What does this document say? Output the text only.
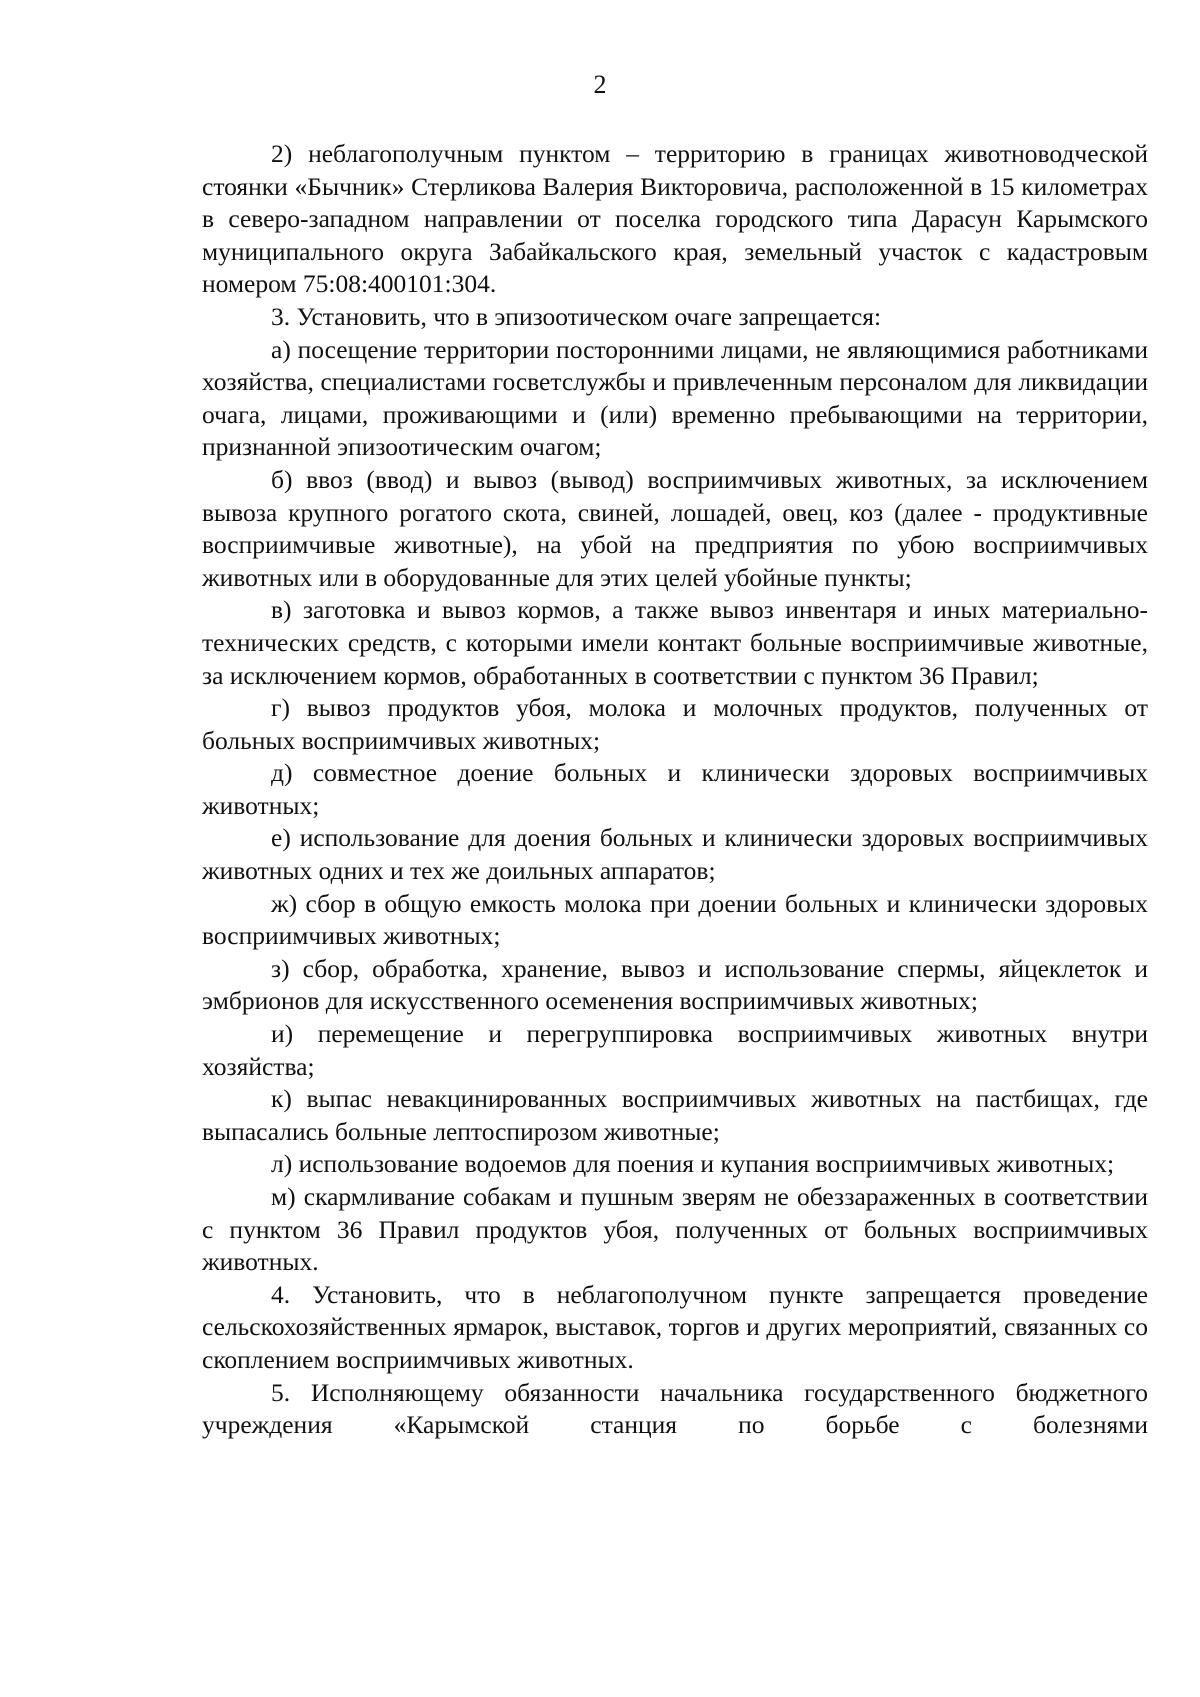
2

2) неблагополучным пунктом – территорию в границах животноводческой стоянки «Бычник» Стерликова Валерия Викторовича, расположенной в 15 километрах в северо-западном направлении от поселка городского типа Дарасун Карымского муниципального округа Забайкальского края, земельный участок с кадастровым номером 75:08:400101:304.

3. Установить, что в эпизоотическом очаге запрещается:

а) посещение территории посторонними лицами, не являющимися работниками хозяйства, специалистами госветслужбы и привлеченным персоналом для ликвидации очага, лицами, проживающими и (или) временно пребывающими на территории, признанной эпизоотическим очагом;

б) ввоз (ввод) и вывоз (вывод) восприимчивых животных, за исключением вывоза крупного рогатого скота, свиней, лошадей, овец, коз (далее - продуктивные восприимчивые животные), на убой на предприятия по убою восприимчивых животных или в оборудованные для этих целей убойные пункты;

в) заготовка и вывоз кормов, а также вывоз инвентаря и иных материально-технических средств, с которыми имели контакт больные восприимчивые животные, за исключением кормов, обработанных в соответствии с пунктом 36 Правил;

г) вывоз продуктов убоя, молока и молочных продуктов, полученных от больных восприимчивых животных;

д) совместное доение больных и клинически здоровых восприимчивых животных;

е) использование для доения больных и клинически здоровых восприимчивых животных одних и тех же доильных аппаратов;

ж) сбор в общую емкость молока при доении больных и клинически здоровых восприимчивых животных;

з) сбор, обработка, хранение, вывоз и использование спермы, яйцеклеток и эмбрионов для искусственного осеменения восприимчивых животных;

и) перемещение и перегруппировка восприимчивых животных внутри хозяйства;

к) выпас невакцинированных восприимчивых животных на пастбищах, где выпасались больные лептоспирозом животные;

л) использование водоемов для поения и купания восприимчивых животных;

м) скармливание собакам и пушным зверям не обеззараженных в соответствии с пунктом 36 Правил продуктов убоя, полученных от больных восприимчивых животных.

4. Установить, что в неблагополучном пункте запрещается проведение сельскохозяйственных ярмарок, выставок, торгов и других мероприятий, связанных со скоплением восприимчивых животных.

5. Исполняющему обязанности начальника государственного бюджетного учреждения «Карымской станция по борьбе с болезнями
